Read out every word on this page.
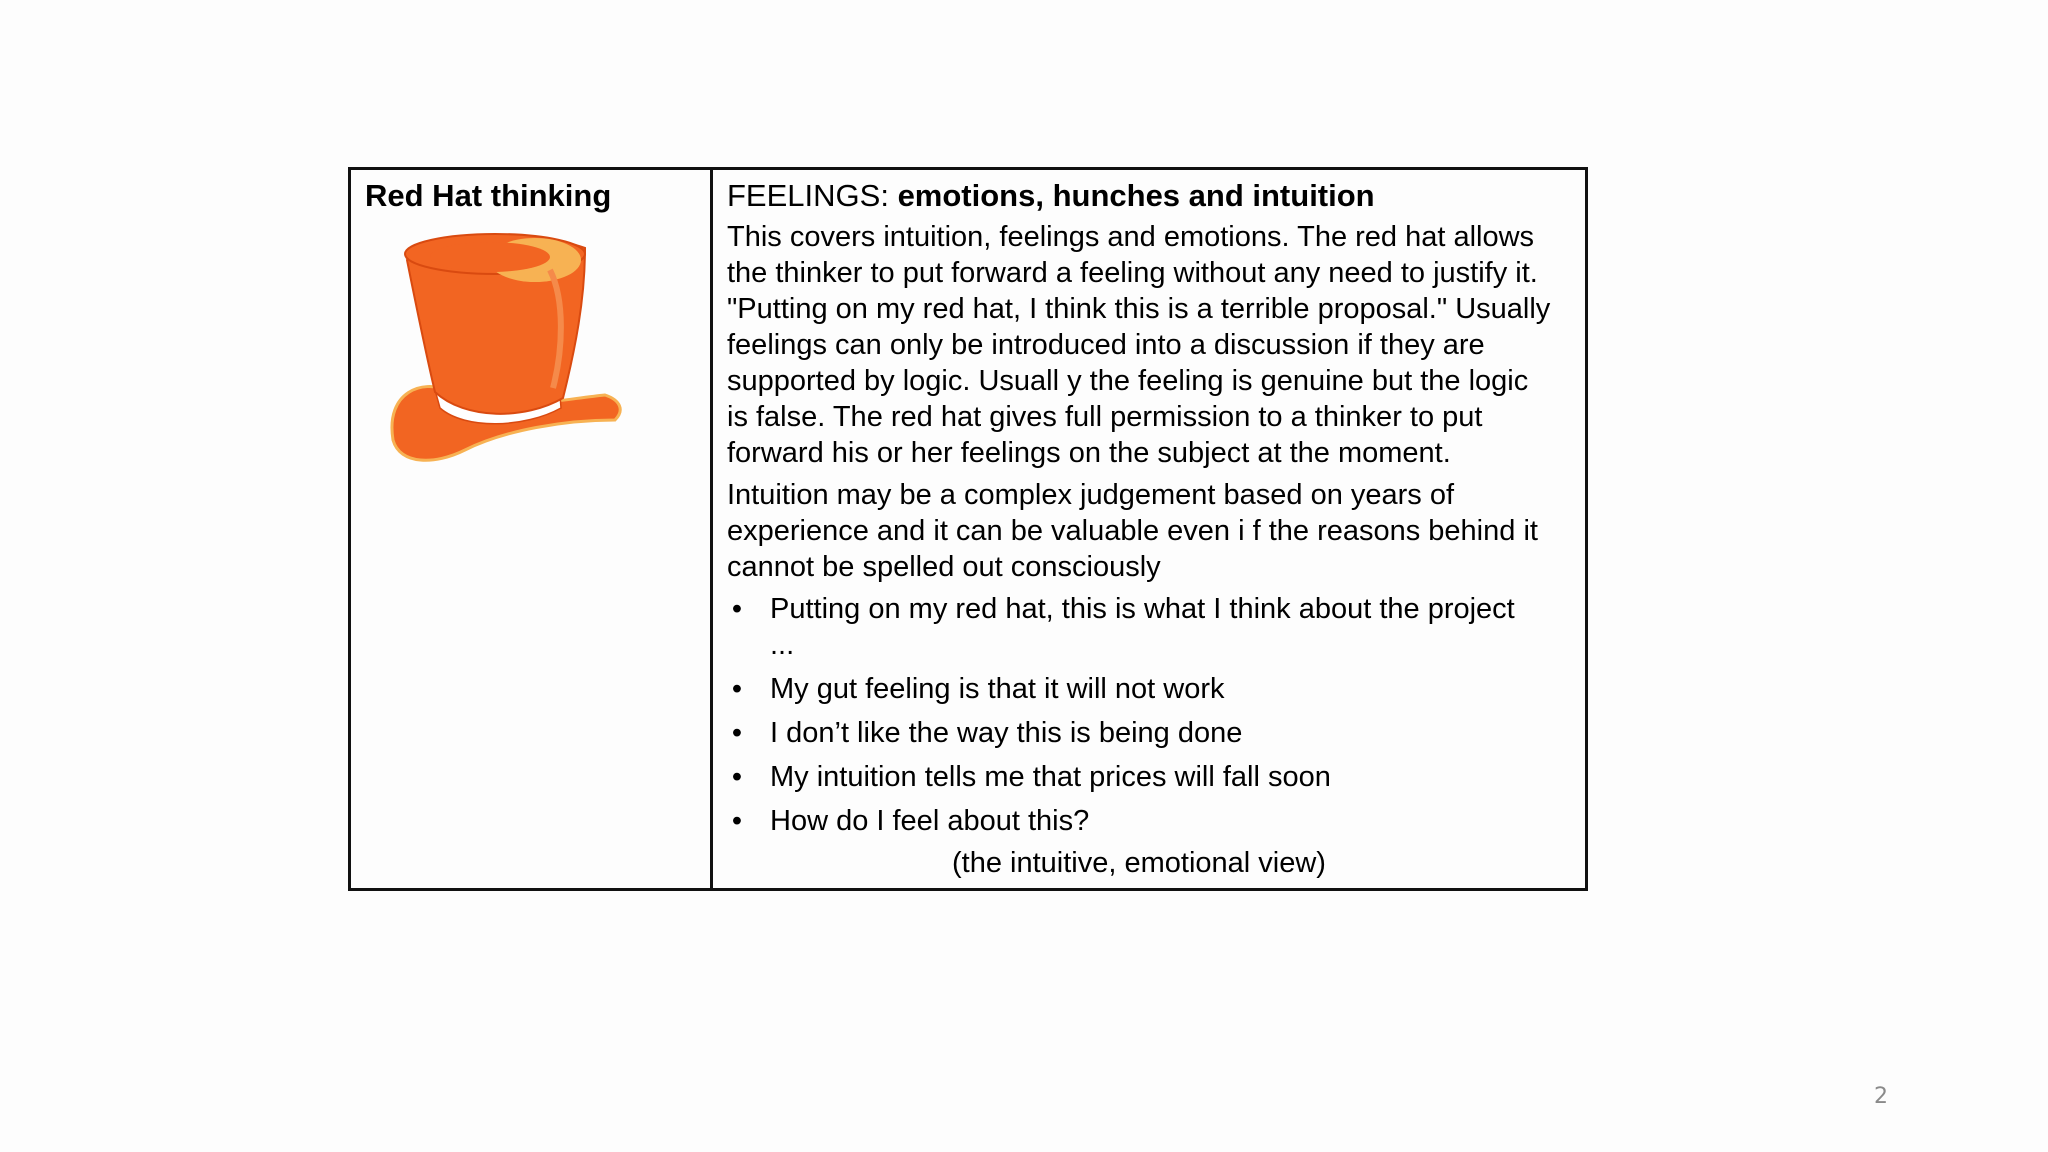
Red Hat thinking	FEELINGS: emotions, hunches and intuition

This covers intuition, feelings and emotions. The red hat allows
the thinker to put forward a feeling without any need to justify it.
"Putting on my red hat, I think this is a terrible proposal." Usually
feelings can only be introduced into a discussion if they are
supported by logic. Usuall y the feeling is genuine but the logic
is false. The red hat gives full permission to a thinker to put
forward his or her feelings on the subject at the moment.
Intuition may be a complex judgement based on years of
experience and it can be valuable even i f the reasons behind it
cannot be spelled out consciously
• Putting on my red hat, this is what I think about the project
...
• My gut feeling is that it will not work
• I don’t like the way this is being done
• My intuition tells me that prices will fall soon
• How do I feel about this?
(the intuitive, emotional view)
2
